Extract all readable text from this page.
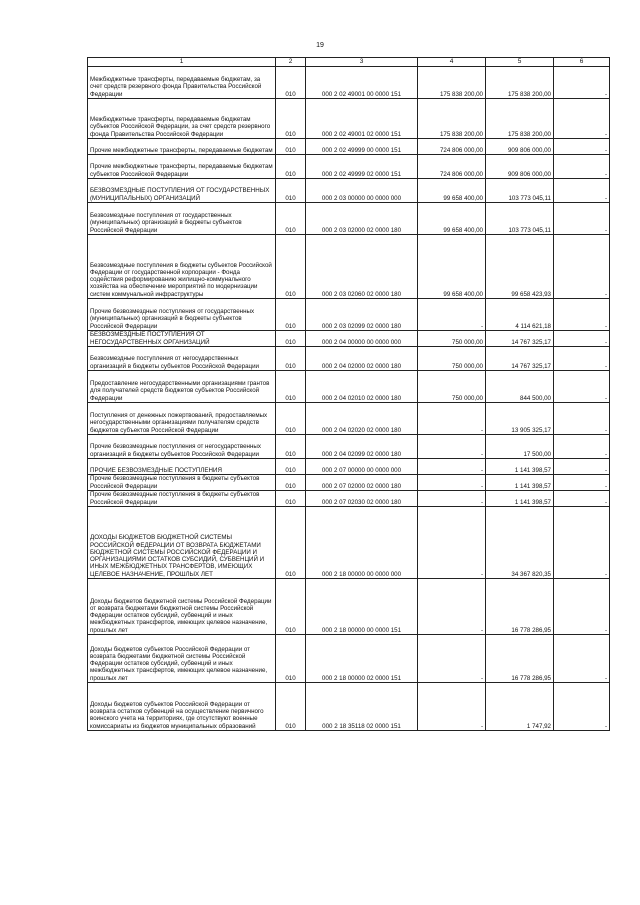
19
1	2	3	4	5	6
Межбюджетные трансферты, передаваемые бюджетам, за счет средств резервного фонда Правительства Российской Федерации	010	000 2 02 49001 00 0000 151	175 838 200,00	175 838 200,00	-
Межбюджетные трансферты, передаваемые бюджетам субъектов Российской Федерации, за счет средств резервного фонда Правительства Российской Федерации	010	000 2 02 49001 02 0000 151	175 838 200,00	175 838 200,00	-
Прочие межбюджетные трансферты, передаваемые бюджетам	010	000 2 02 49999 00 0000 151	724 806 000,00	909 806 000,00	-
Прочие межбюджетные трансферты, передаваемые бюджетам субъектов Российской Федерации	010	000 2 02 49999 02 0000 151	724 806 000,00	909 806 000,00	-
БЕЗВОЗМЕЗДНЫЕ ПОСТУПЛЕНИЯ ОТ ГОСУДАРСТВЕННЫХ (МУНИЦИПАЛЬНЫХ) ОРГАНИЗАЦИЙ	010	000 2 03 00000 00 0000 000	99 658 400,00	103 773 045,11	-
Безвозмездные поступления от государственных (муниципальных) организаций в бюджеты субъектов Российской Федерации	010	000 2 03 02000 02 0000 180	99 658 400,00	103 773 045,11	-
Безвозмездные поступления в бюджеты субъектов Российской Федерации от государственной корпорации - Фонда содействия реформированию жилищно-коммунального хозяйства на обеспечение мероприятий по модернизации систем коммунальной инфраструктуры	010	000 2 03 02060 02 0000 180	99 658 400,00	99 658 423,93	-
Прочие безвозмездные поступления от государственных (муниципальных) организаций в бюджеты субъектов Российской Федерации	010	000 2 03 02099 02 0000 180	-	4 114 621,18	-
БЕЗВОЗМЕЗДНЫЕ ПОСТУПЛЕНИЯ ОТ НЕГОСУДАРСТВЕННЫХ ОРГАНИЗАЦИЙ	010	000 2 04 00000 00 0000 000	750 000,00	14 767 325,17	-
Безвозмездные поступления от негосударственных организаций в бюджеты субъектов Российской Федерации	010	000 2 04 02000 02 0000 180	750 000,00	14 767 325,17	-
Предоставление негосударственными организациями грантов для получателей средств бюджетов субъектов Российской Федерации	010	000 2 04 02010 02 0000 180	750 000,00	844 500,00	-
Поступления от денежных пожертвований, предоставляемых негосударственными организациями получателям средств бюджетов субъектов Российской Федерации	010	000 2 04 02020 02 0000 180	-	13 905 325,17	-
Прочие безвозмездные поступления от негосударственных организаций в бюджеты субъектов Российской Федерации	010	000 2 04 02099 02 0000 180	-	17 500,00	-
ПРОЧИЕ БЕЗВОЗМЕЗДНЫЕ ПОСТУПЛЕНИЯ	010	000 2 07 00000 00 0000 000	-	1 141 398,57	-
Прочие безвозмездные поступления в бюджеты субъектов Российской Федерации	010	000 2 07 02000 02 0000 180	-	1 141 398,57	-
Прочие безвозмездные поступления в бюджеты субъектов Российской Федерации	010	000 2 07 02030 02 0000 180	-	1 141 398,57	-
ДОХОДЫ БЮДЖЕТОВ БЮДЖЕТНОЙ СИСТЕМЫ РОССИЙСКОЙ ФЕДЕРАЦИИ ОТ ВОЗВРАТА БЮДЖЕТАМИ БЮДЖЕТНОЙ СИСТЕМЫ РОССИЙСКОЙ ФЕДЕРАЦИИ И ОРГАНИЗАЦИЯМИ ОСТАТКОВ СУБСИДИЙ, СУБВЕНЦИЙ И ИНЫХ МЕЖБЮДЖЕТНЫХ ТРАНСФЕРТОВ, ИМЕЮЩИХ ЦЕЛЕВОЕ НАЗНАЧЕНИЕ, ПРОШЛЫХ ЛЕТ	010	000 2 18 00000 00 0000 000	-	34 367 820,35	-
Доходы бюджетов бюджетной системы Российской Федерации от возврата бюджетами бюджетной системы Российской Федерации остатков субсидий, субвенций и иных межбюджетных трансфертов, имеющих целевое назначение, прошлых лет	010	000 2 18 00000 00 0000 151	-	16 778 286,95	-
Доходы бюджетов субъектов Российской Федерации от возврата бюджетами бюджетной системы Российской Федерации остатков субсидий, субвенций и иных межбюджетных трансфертов, имеющих целевое назначение, прошлых лет	010	000 2 18 00000 02 0000 151	-	16 778 286,95	-
Доходы бюджетов субъектов Российской Федерации от возврата остатков субвенций на осуществление первичного воинского учета на территориях, где отсутствуют военные комиссариаты из бюджетов муниципальных образований	010	000 2 18 35118 02 0000 151	-	1 747,92	-
